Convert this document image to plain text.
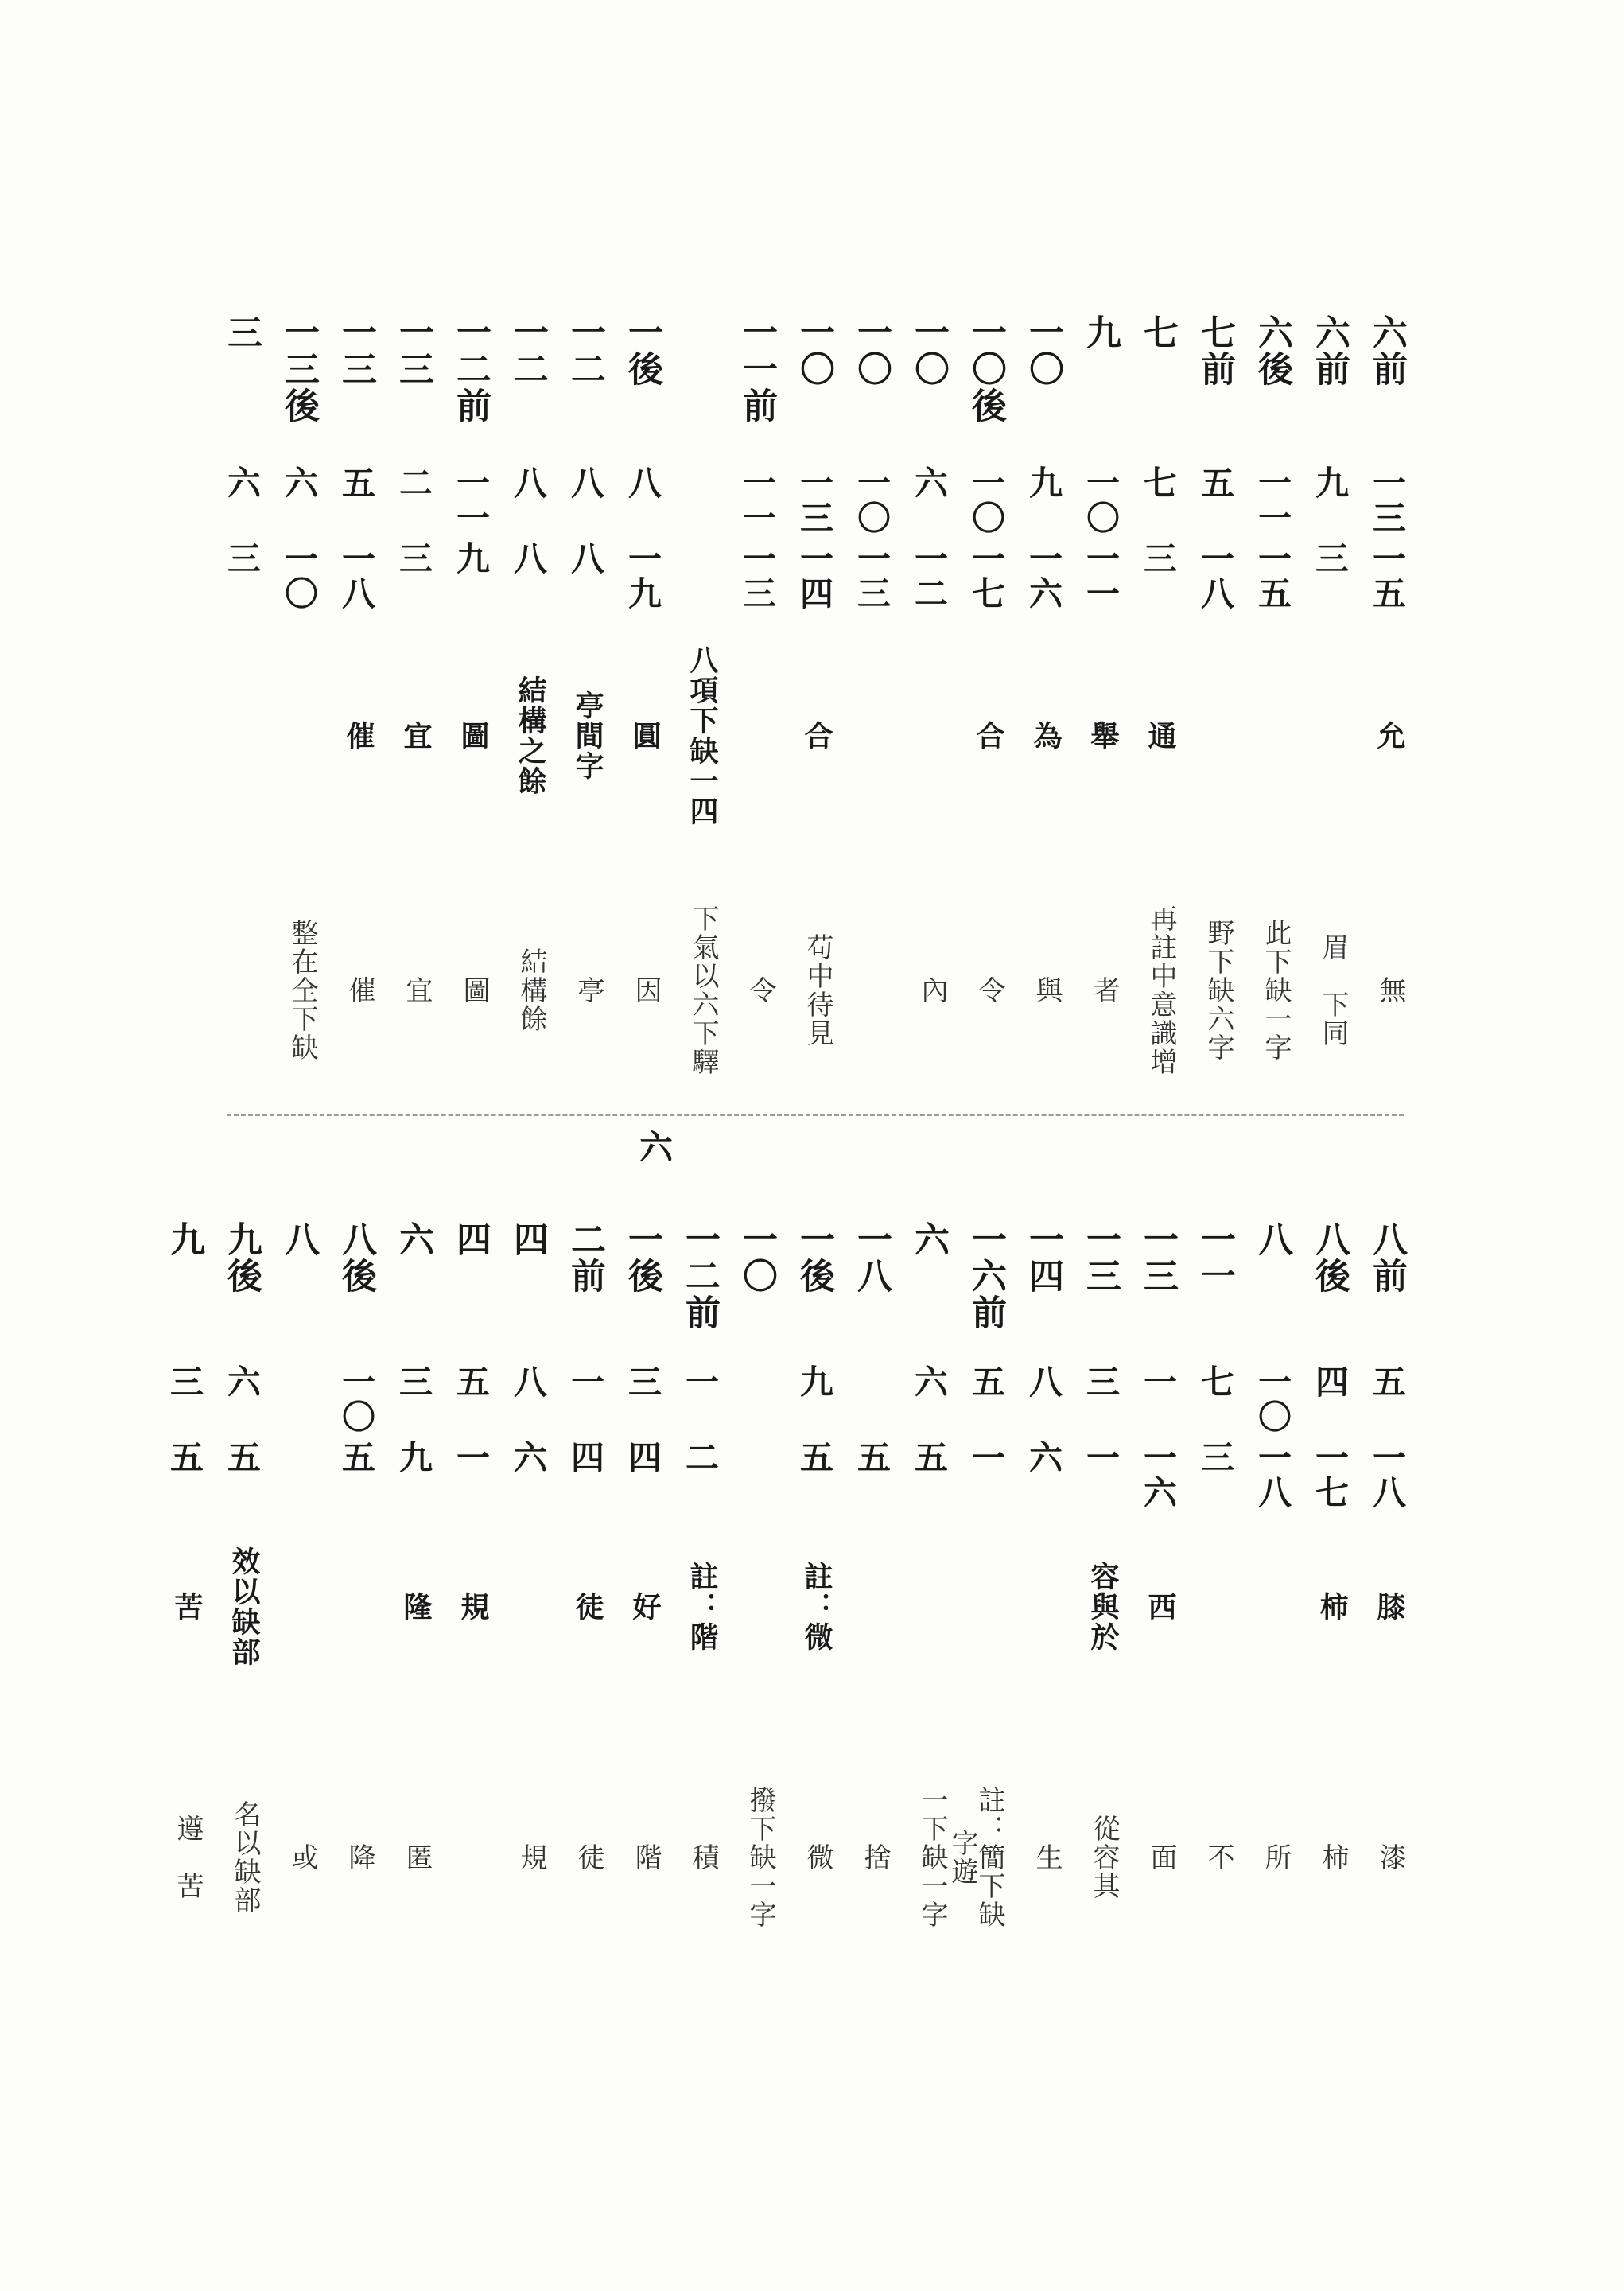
六前
一三
一五
允
無
六前
九
三
眉　下同
六後
一一
一五
此下缺一字
七前
五
一八
野下缺六字
七
七
三
通
再註中意識增
九
一〇
一一
舉
者
一〇
九
一六
為
與
一〇後
一〇
一七
合
令
一〇
六
一二
內
一〇
一〇
一三
一〇
一三
一四
合
苟中待見
一一前
一一
一三
令
八項下缺一四
下氣以六下驛
一後
八
一九
圓
因
一二
八
八
亭間字
亭
一二
八
八
結構之餘
結構餘
一二前
一一
九
圖
圖
一三
二
三
宜
宜
一三
五
一八
催
催
一三後
六
一〇
整在全下缺
三
六
三
六
八前
五
一八
膝
漆
八後
四
一七
柿
柿
八
一〇
一八
所
一一
七
三
不
一三
一
一六
西
面
一三
三
一
容與於
從容其
一四
八
六
生
一六前
五
一
註：簡下缺字遊
六
六
五
一下缺一字
一八
五
捨
一後
九
五
註：微
微
一〇
撥下缺一字
一二前
一
二
註：階
積
一後
三
四
好
階
二前
一
四
徒
徒
四
八
六
規
四
五
一
規
六
三
九
隆
匿
八後
一〇
五
降
八
或
九後
六
五
效以缺部
名以缺部
九
三
五
苦
遵　苦
